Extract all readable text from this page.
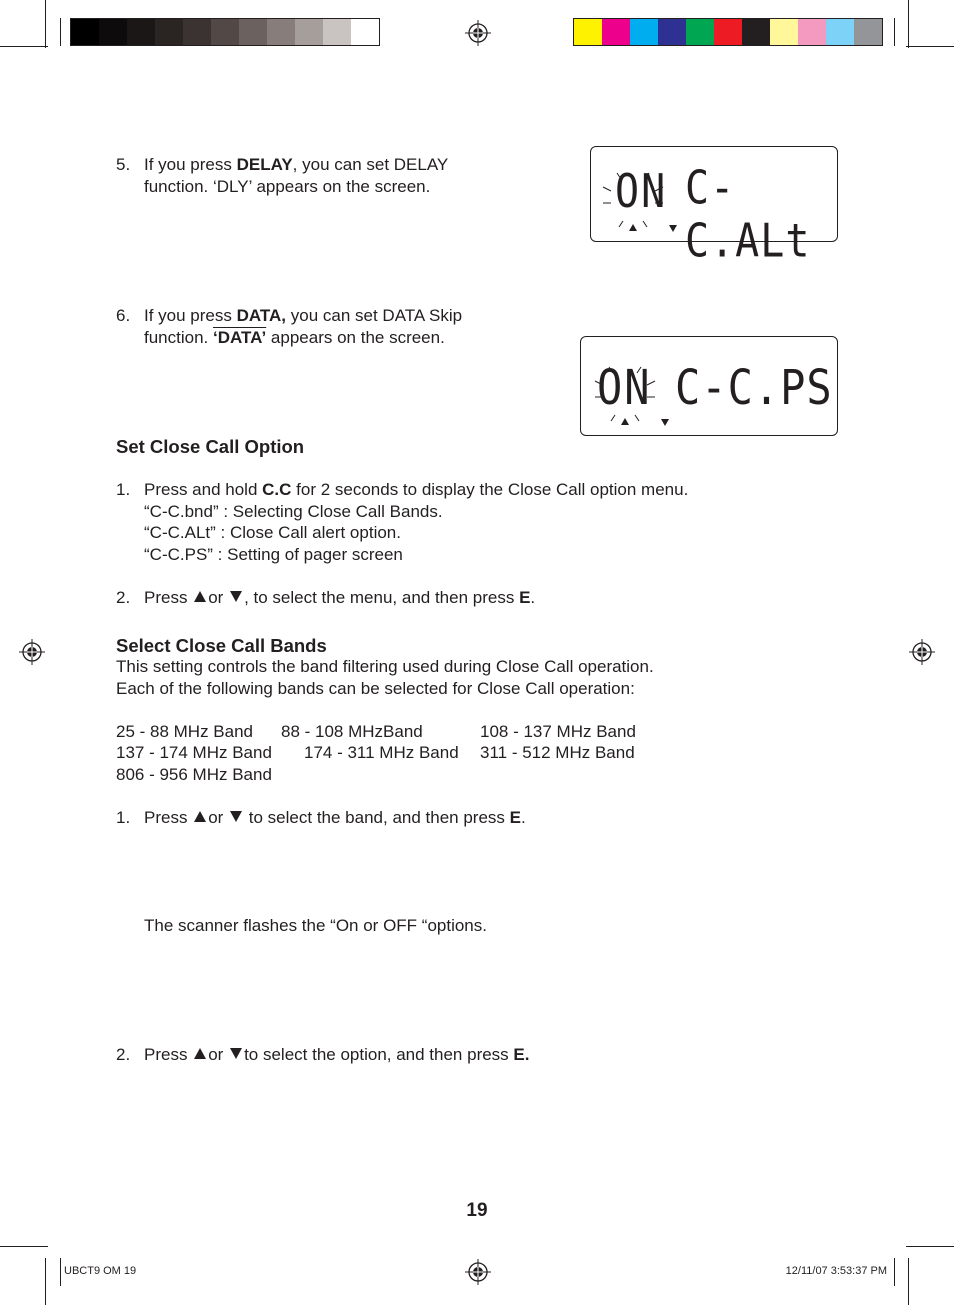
5. If you press DELAY, you can set DELAY
function. ‘DLY’ appears on the screen.	ON C-C.ALt
6. If you press DATA, you can set DATA Skip
function. ‘DATA’ appears on the screen.
ON C-C.PS
Set Close Call Option
1. Press and hold C.C for 2 seconds to display the Close Call option menu.
“C-C.bnd” : Selecting Close Call Bands.
“C-C.ALt” : Close Call alert option.
“C-C.PS” : Setting of pager screen
2. Press or , to select the menu, and then press E.
Select Close Call Bands
This setting controls the band filtering used during Close Call operation.
Each of the following bands can be selected for Close Call operation:
25 - 88 MHz Band 88 - 108 MHzBand	108 - 137 MHz Band
137 - 174 MHz Band 174 - 311 MHz Band 311 - 512 MHz Band
806 - 956 MHz Band
1. Press or  to select the band, and then press E.
The scanner flashes the “On or OFF “options.
2. Press or to select the option, and then press E.
19
UBCT9 OM 19	12/11/07 3:53:37 PM
